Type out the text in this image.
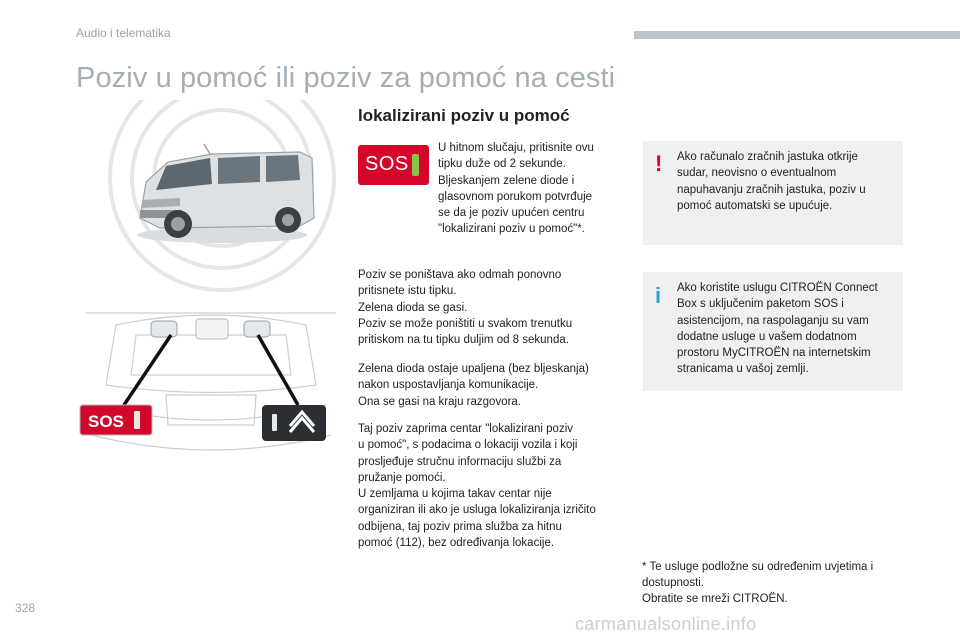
Audio i telematika
Poziv u pomoć ili poziv za pomoć na cesti
SOS
lokalizirani poziv u pomoć
SOS
U hitnom slučaju, pritisnite ovu
tipku duže od 2 sekunde.
Bljeskanjem zelene diode i
glasovnom porukom potvrđuje
se da je poziv upućen centru
"lokalizirani poziv u pomoć"*.
Poziv se poništava ako odmah ponovno
pritisnete istu tipku.
Zelena dioda se gasi.
Poziv se može poništiti u svakom trenutku
pritiskom na tu tipku duljim od 8 sekunda.
Zelena dioda ostaje upaljena (bez bljeskanja)
nakon uspostavljanja komunikacije.
Ona se gasi na kraju razgovora.
Taj poziv zaprima centar "lokalizirani poziv
u pomoć", s podacima o lokaciji vozila i koji
prosljeđuje stručnu informaciju službi za
pružanje pomoći.
U zemljama u kojima takav centar nije
organiziran ili ako je usluga lokaliziranja izričito
odbijena, taj poziv prima služba za hitnu
pomoć (112), bez određivanja lokacije.
! Ako računalo zračnih jastuka otkrije
sudar, neovisno o eventualnom
napuhavanju zračnih jastuka, poziv u
pomoć automatski se upućuje.
i Ako koristite uslugu CITROËN Connect
Box s uključenim paketom SOS i
asistencijom, na raspolaganju su vam
dodatne usluge u vašem dodatnom
prostoru MyCITROËN na internetskim
stranicama u vašoj zemlji.
* Te usluge podložne su određenim uvjetima i
dostupnosti.
Obratite se mreži CITROËN.
328
carmanualsonline.info
